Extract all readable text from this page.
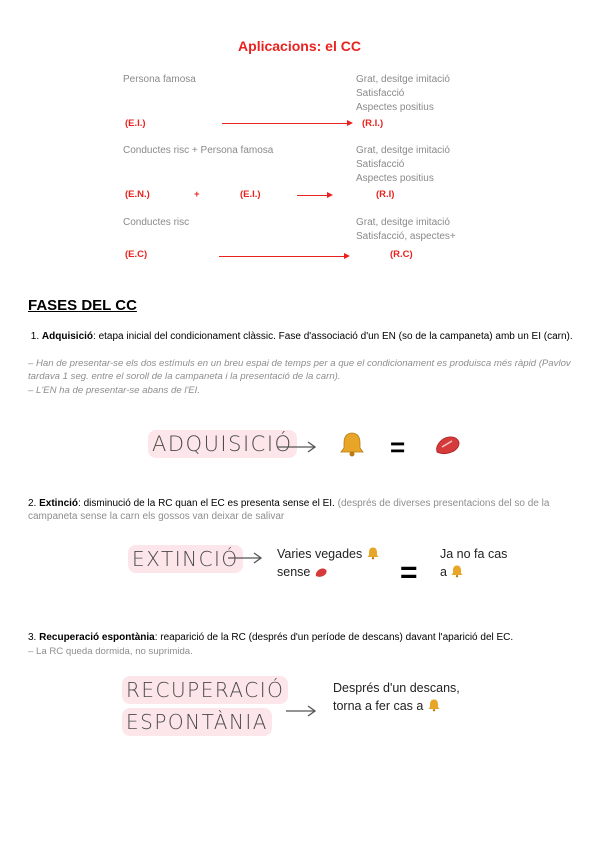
Aplicacions: el CC
Persona famosa	Grat, desitge imitació
Satisfacció
Aspectes positius
(E.I.)	(R.I.)
Conductes risc + Persona famosa	Grat, desitge imitació
Satisfacció
Aspectes positius
(E.N.)	+	(E.I.)	(R.I)
Conductes risc	Grat, desitge imitació
Satisfacció, aspectes+
(E.C)	(R.C)
FASES DEL CC
1. Adquisició: etapa inicial del condicionament clàssic. Fase d'associació d'un EN (so de la campaneta) amb un EI (carn).
– Han de presentar-se els dos estímuls en un breu espai de temps per a que el condicionament es produisca més ràpid (Pavlov tardava 1 seg. entre el soroll de la campaneta i la presentació de la carn).
– L'EN ha de presentar-se abans de l'EI.
ADQUISICIÓ	=
2. Extinció: disminució de la RC quan el EC es presenta sense el EI. (després de diverses presentacions del so de la campaneta sense la carn els gossos van deixar de salivar
EXTINCIÓ	Varies vegades
sense	=
Ja no fa cas
a
3. Recuperació espontània: reaparició de la RC (després d'un període de descans) davant l'aparició del EC.
– La RC queda dormida, no suprimida.
RECUPERACIÓ
ESPONTÀNIA
Després d'un descans,
torna a fer cas a
